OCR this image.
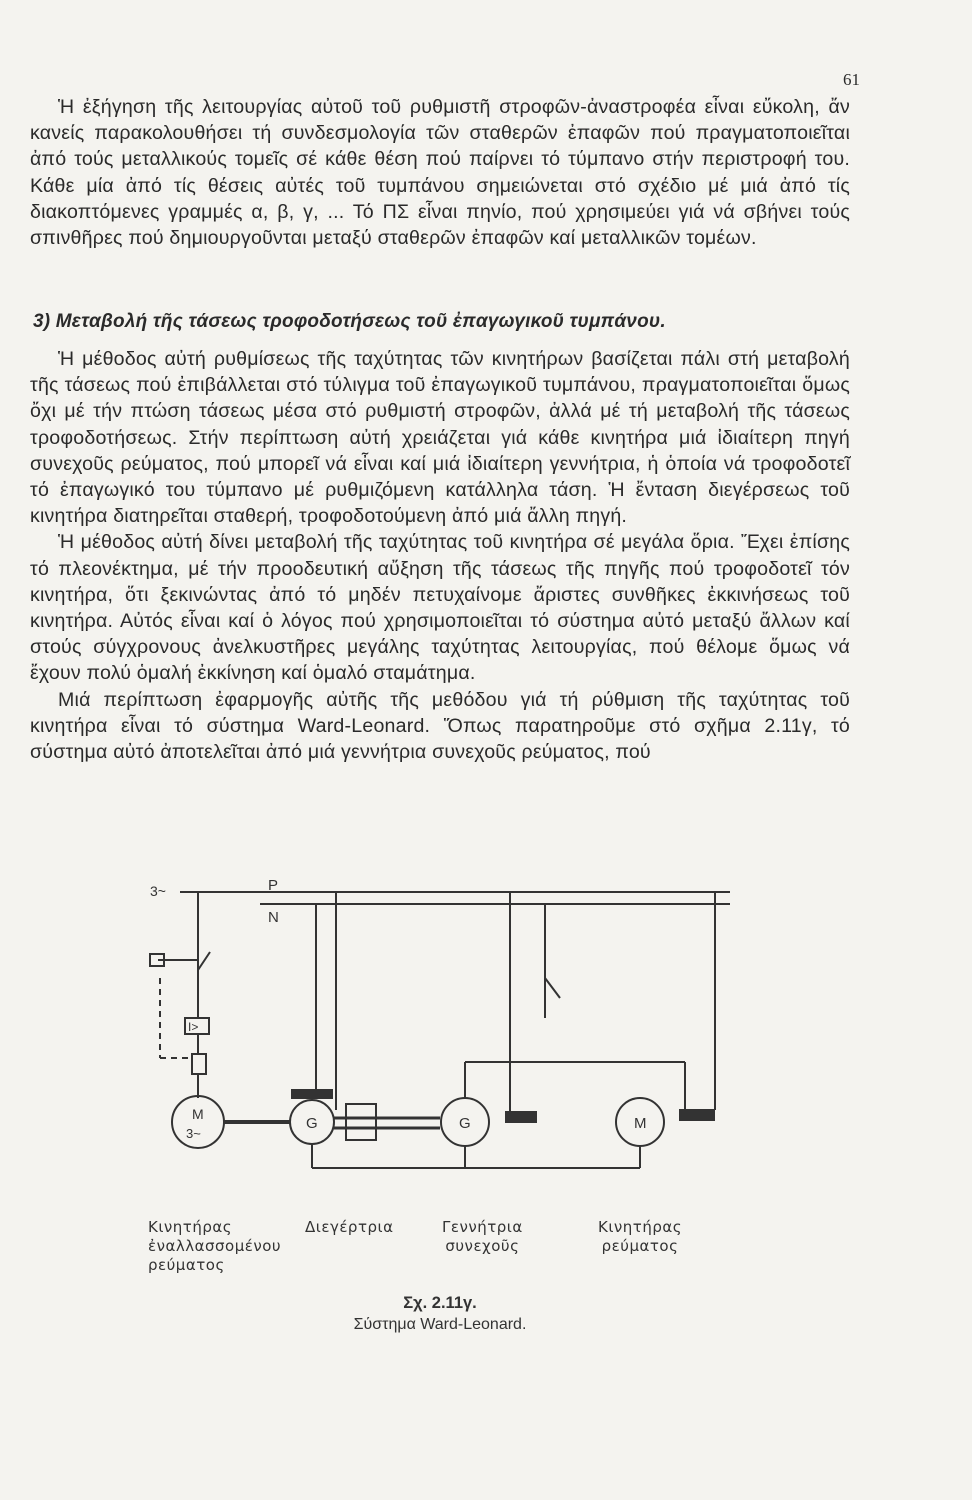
61

Ἡ ἐξήγηση τῆς λειτουργίας αὐτοῦ τοῦ ρυθμιστῆ στροφῶν-ἀναστροφέα εἶναι εὔκολη, ἄν κανείς παρακολουθήσει τή συνδεσμολογία τῶν σταθερῶν ἐπαφῶν πού πραγματοποιεῖται ἀπό τούς μεταλλικούς τομεῖς σέ κάθε θέση πού παίρνει τό τύμπανο στήν περιστροφή του. Κάθε μία ἀπό τίς θέσεις αὐτές τοῦ τυμπάνου σημειώνεται στό σχέδιο μέ μιά ἀπό τίς διακοπτόμενες γραμμές α, β, γ, ... Τό ΠΣ εἶναι πηνίο, πού χρησιμεύει γιά νά σβήνει τούς σπινθῆρες πού δημιουργοῦνται μεταξύ σταθερῶν ἐπαφῶν καί μεταλλικῶν τομέων.

3) Μεταβολή τῆς τάσεως τροφοδοτήσεως τοῦ ἐπαγωγικοῦ τυμπάνου.

Ἡ μέθοδος αὐτή ρυθμίσεως τῆς ταχύτητας τῶν κινητήρων βασίζεται πάλι στή μεταβολή τῆς τάσεως πού ἐπιβάλλεται στό τύλιγμα τοῦ ἐπαγωγικοῦ τυμπάνου, πραγματοποιεῖται ὅμως ὄχι μέ τήν πτώση τάσεως μέσα στό ρυθμιστή στροφῶν, ἀλλά μέ τή μεταβολή τῆς τάσεως τροφοδοτήσεως. Στήν περίπτωση αὐτή χρειάζεται γιά κάθε κινητήρα μιά ἰδιαίτερη πηγή συνεχοῦς ρεύματος, πού μπορεῖ νά εἶναι καί μιά ἰδιαίτερη γεννήτρια, ἡ ὁποία νά τροφοδοτεῖ τό ἐπαγωγικό του τύμπανο μέ ρυθμιζόμενη κατάλληλα τάση. Ἡ ἔνταση διεγέρσεως τοῦ κινητήρα διατηρεῖται σταθερή, τροφοδοτούμενη ἀπό μιά ἄλλη πηγή.

Ἡ μέθοδος αὐτή δίνει μεταβολή τῆς ταχύτητας τοῦ κινητήρα σέ μεγάλα ὅρια. Ἔχει ἐπίσης τό πλεονέκτημα, μέ τήν προοδευτική αὔξηση τῆς τάσεως τῆς πηγῆς πού τροφοδοτεῖ τόν κινητήρα, ὅτι ξεκινώντας ἀπό τό μηδέν πετυχαίνομε ἄριστες συνθῆκες ἐκκινήσεως τοῦ κινητήρα. Αὐτός εἶναι καί ὁ λόγος πού χρησιμοποιεῖται τό σύστημα αὐτό μεταξύ ἄλλων καί στούς σύγχρονους ἀνελκυστῆρες μεγάλης ταχύτητας λειτουργίας, πού θέλομε ὅμως νά ἔχουν πολύ ὁμαλή ἐκκίνηση καί ὁμαλό σταμάτημα.

Μιά περίπτωση ἐφαρμογῆς αὐτῆς τῆς μεθόδου γιά τή ρύθμιση τῆς ταχύτητας τοῦ κινητήρα εἶναι τό σύστημα Ward-Leonard. Ὅπως παρατηροῦμε στό σχῆμα 2.11γ, τό σύστημα αὐτό ἀποτελεῖται ἀπό μιά γεννήτρια συνεχοῦς ρεύματος, πού

3~	P
N
I>
M
3~
G	G	M
Κινητήρας
ἐναλλασσομένου
ρεύματος
Διεγέρτρια	Γεννήτρια
συνεχοῦς
Κινητήρας
ρεύματος
Σχ. 2.11γ.
Σύστημα Ward-Leonard.
